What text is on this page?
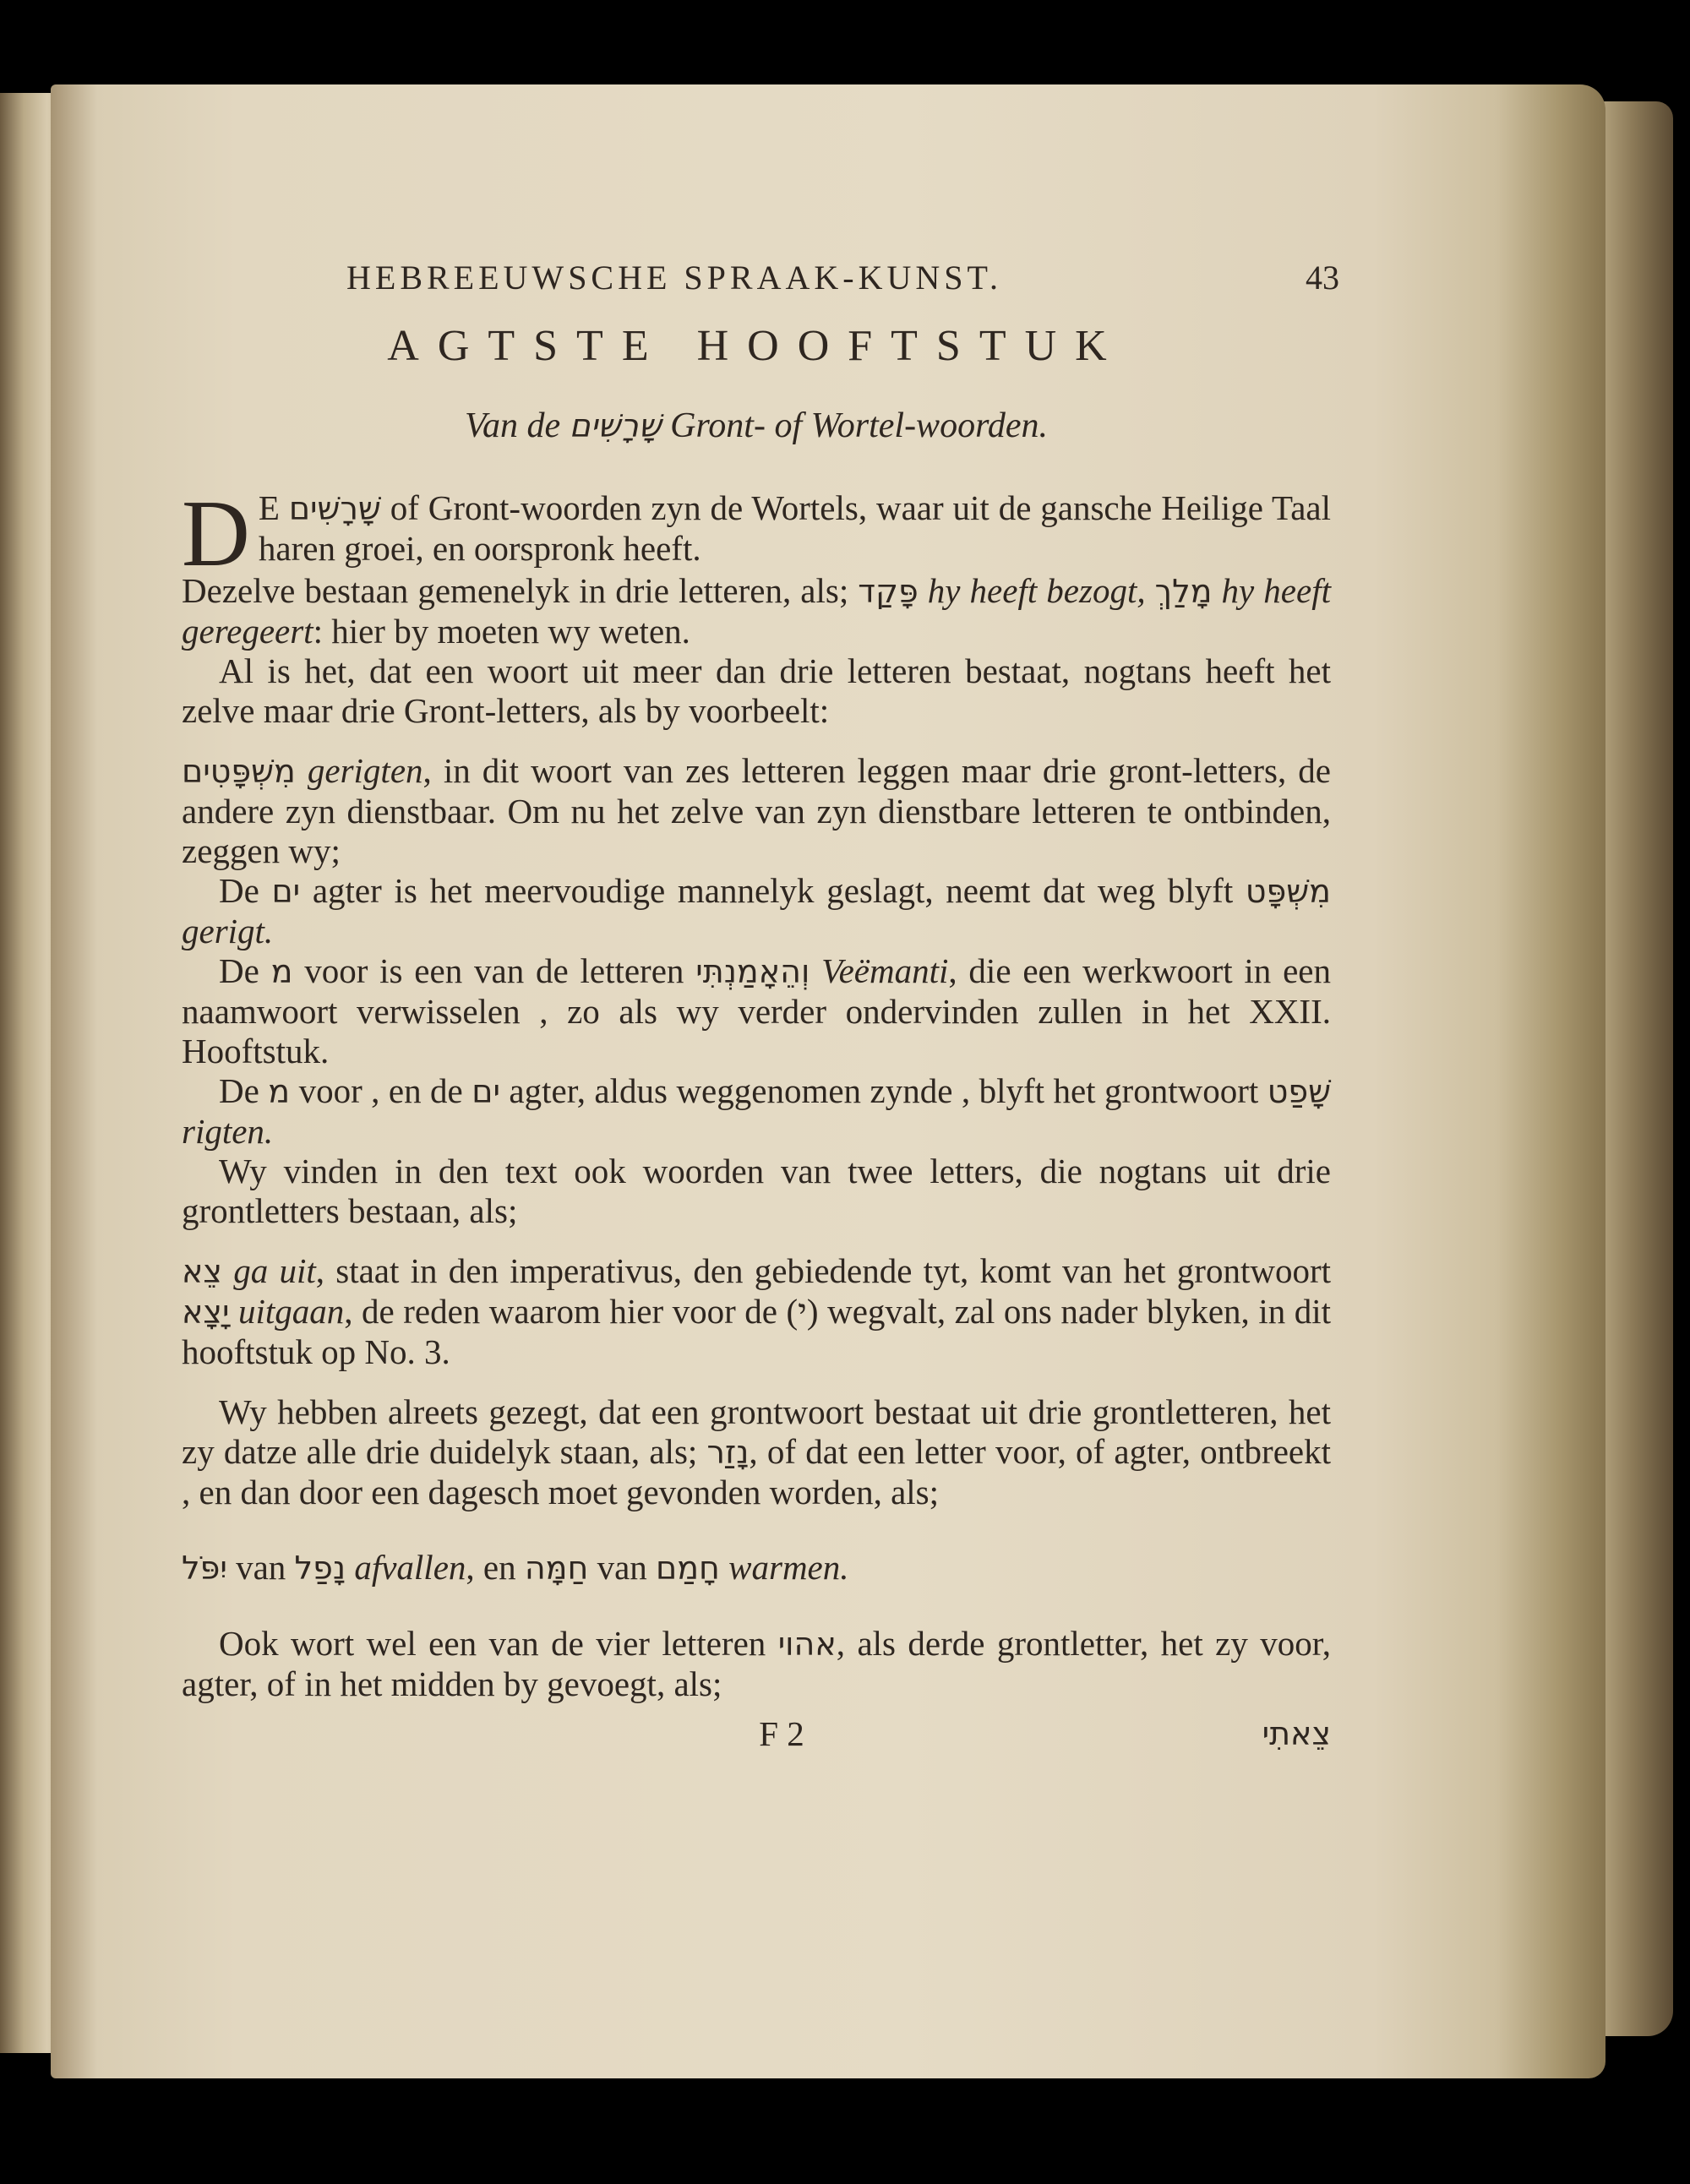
HEBREEUWSCHE SPRAAK-KUNST.	43
AGTSTE HOOFTSTUK
Van de שָׁרָשִׁים Gront- of Wortel-woorden.

D E שָׁרָשִׁים of Gront-woorden zyn de Wortels, waar uit de gansche Heilige Taal haren groei, en oorspronk heeft.

Dezelve bestaan gemenelyk in drie letteren, als; פָּקַד hy heeft bezogt, מָלַךְ hy heeft geregeert: hier by moeten wy weten.

Al is het, dat een woort uit meer dan drie letteren bestaat, nogtans heeft het zelve maar drie Gront-letters, als by voorbeelt:

מִשְׁפָּטִים gerigten, in dit woort van zes letteren leggen maar drie gront-letters, de andere zyn dienstbaar. Om nu het zelve van zyn dienstbare letteren te ontbinden, zeggen wy;

De ים agter is het meervoudige mannelyk geslagt, neemt dat weg blyft מִשְׁפָּט gerigt.

De מ voor is een van de letteren וְהֵאָמַנְתִּי Veëmanti, die een werkwoort in een naamwoort verwisselen , zo als wy verder ondervinden zullen in het XXII. Hooftstuk.

De מ voor , en de ים agter, aldus weggenomen zynde , blyft het grontwoort שָׁפַט rigten.

Wy vinden in den text ook woorden van twee letters, die nogtans uit drie grontletters bestaan, als;

צֵא ga uit, staat in den imperativus, den gebiedende tyt, komt van het grontwoort יָצָא uitgaan, de reden waarom hier voor de (י) wegvalt, zal ons nader blyken, in dit hooftstuk op No. 3.

Wy hebben alreets gezegt, dat een grontwoort bestaat uit drie grontletteren, het zy datze alle drie duidelyk staan, als; נָזַר, of dat een letter voor, of agter, ontbreekt , en dan door een dagesch moet gevonden worden, als;

יִפֹּל van נָפַל afvallen, en חַמָּה van חָמַם warmen.

Ook wort wel een van de vier letteren אהוי, als derde grontletter, het zy voor, agter, of in het midden by gevoegt, als;

F 2	צֵאתִי
